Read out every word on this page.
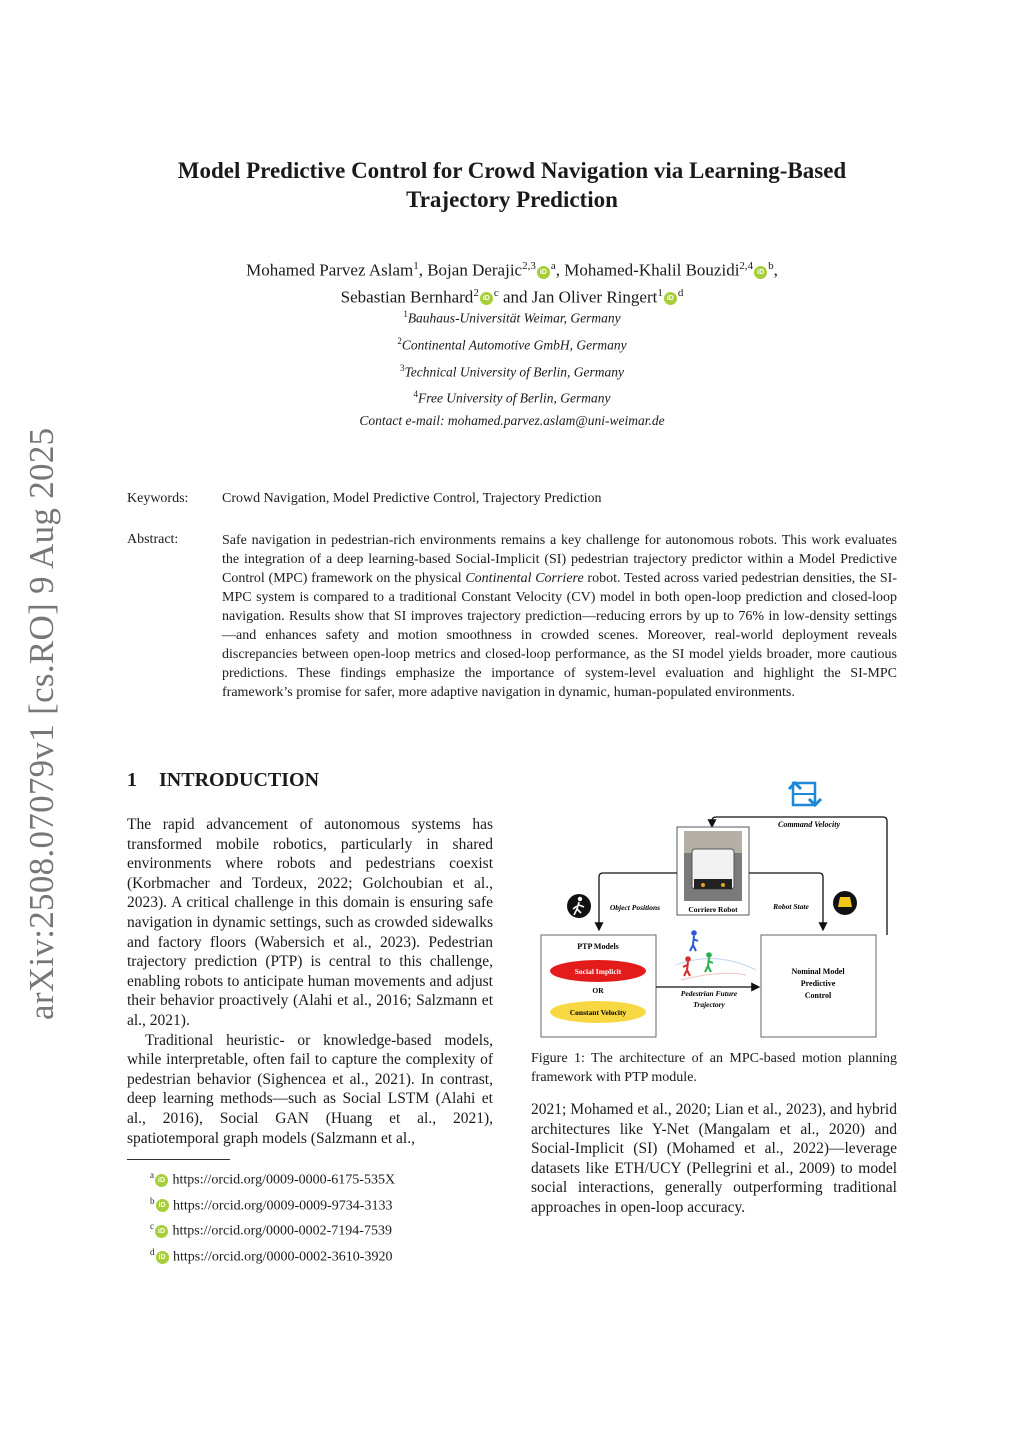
arXiv:2508.07079v1 [cs.RO] 9 Aug 2025
Model Predictive Control for Crowd Navigation via Learning-Based
Trajectory Prediction
Mohamed Parvez Aslam$^1$, Bojan $Derajic^{2,3}iD^a$, Mohamed-Khalil $Bouzidi^{2,4}iD^b$,
Sebastian $Bernhard^2iD^c$ and Jan Oliver $Ringert^1iD^d$
$^1$Bauhaus-Universität Weimar, Germany
$^2$Continental Automotive GmbH, Germany
$^3$Technical University of Berlin, Germany
$^4$Free University of Berlin, Germany
Contact e-mail: mohamed.parvez.aslam@uni-weimar.de
Keywords: Crowd Navigation, Model Predictive Control, Trajectory Prediction
Abstract:	Safe navigation in pedestrian-rich environments remains a key challenge for autonomous robots. This work evaluates the integration of a deep learning-based Social-Implicit (SI) pedestrian trajectory predictor within a Model Predictive Control (MPC) framework on the physical Continental Corriere robot. Tested across varied pedestrian densities, the SI-MPC system is compared to a traditional Constant Velocity (CV) model in both open-loop prediction and closed-loop navigation. Results show that SI improves trajectory prediction—reducing errors by up to 76% in low-density settings—and enhances safety and motion smoothness in crowded scenes. Moreover, real-world deployment reveals discrepancies between open-loop metrics and closed-loop performance, as the SI model yields broader, more cautious predictions. These findings emphasize the importance of system-level evaluation and highlight the SI-MPC framework’s promise for safer, more adaptive navigation in dynamic, human-populated environments.
1 INTRODUCTION

The rapid advancement of autonomous systems has transformed mobile robotics, particularly in shared environments where robots and pedestrians coexist (Korbmacher and Tordeux, 2022; Golchoubian et al., 2023). A critical challenge in this domain is ensuring safe navigation in dynamic settings, such as crowded sidewalks and factory floors (Wabersich et al., 2023). Pedestrian trajectory prediction (PTP) is central to this challenge, enabling robots to anticipate human movements and adjust their behavior proactively (Alahi et al., 2016; Salzmann et al., 2021).

Traditional heuristic- or knowledge-based models, while interpretable, often fail to capture the complexity of pedestrian behavior (Sighencea et al., 2021). In contrast, deep learning methods—such as Social LSTM (Alahi et al., 2016), Social GAN (Huang et al., 2021), spatiotemporal graph models (Salzmann et al.,

$^a$iD https://orcid.org/0009-0000-6175-535X
$^b$iD https://orcid.org/0009-0009-9734-3133
$^c$iD https://orcid.org/0000-0002-7194-7539
$^d$iD https://orcid.org/0000-0002-3610-3920
Command Velocity
Corriere Robot
Object Positions	Robot State
PTP Models
Social Implicit
OR
Constant Velocity
Pedestrian Future
Trajectory
Nominal Model
Predictive
Control
Figure 1: The architecture of an MPC-based motion planning framework with PTP module.

2021; Mohamed et al., 2020; Lian et al., 2023), and hybrid architectures like Y-Net (Mangalam et al., 2020) and Social-Implicit (SI) (Mohamed et al., 2022)—leverage datasets like ETH/UCY (Pellegrini et al., 2009) to model social interactions, generally outperforming traditional approaches in open-loop accuracy.
